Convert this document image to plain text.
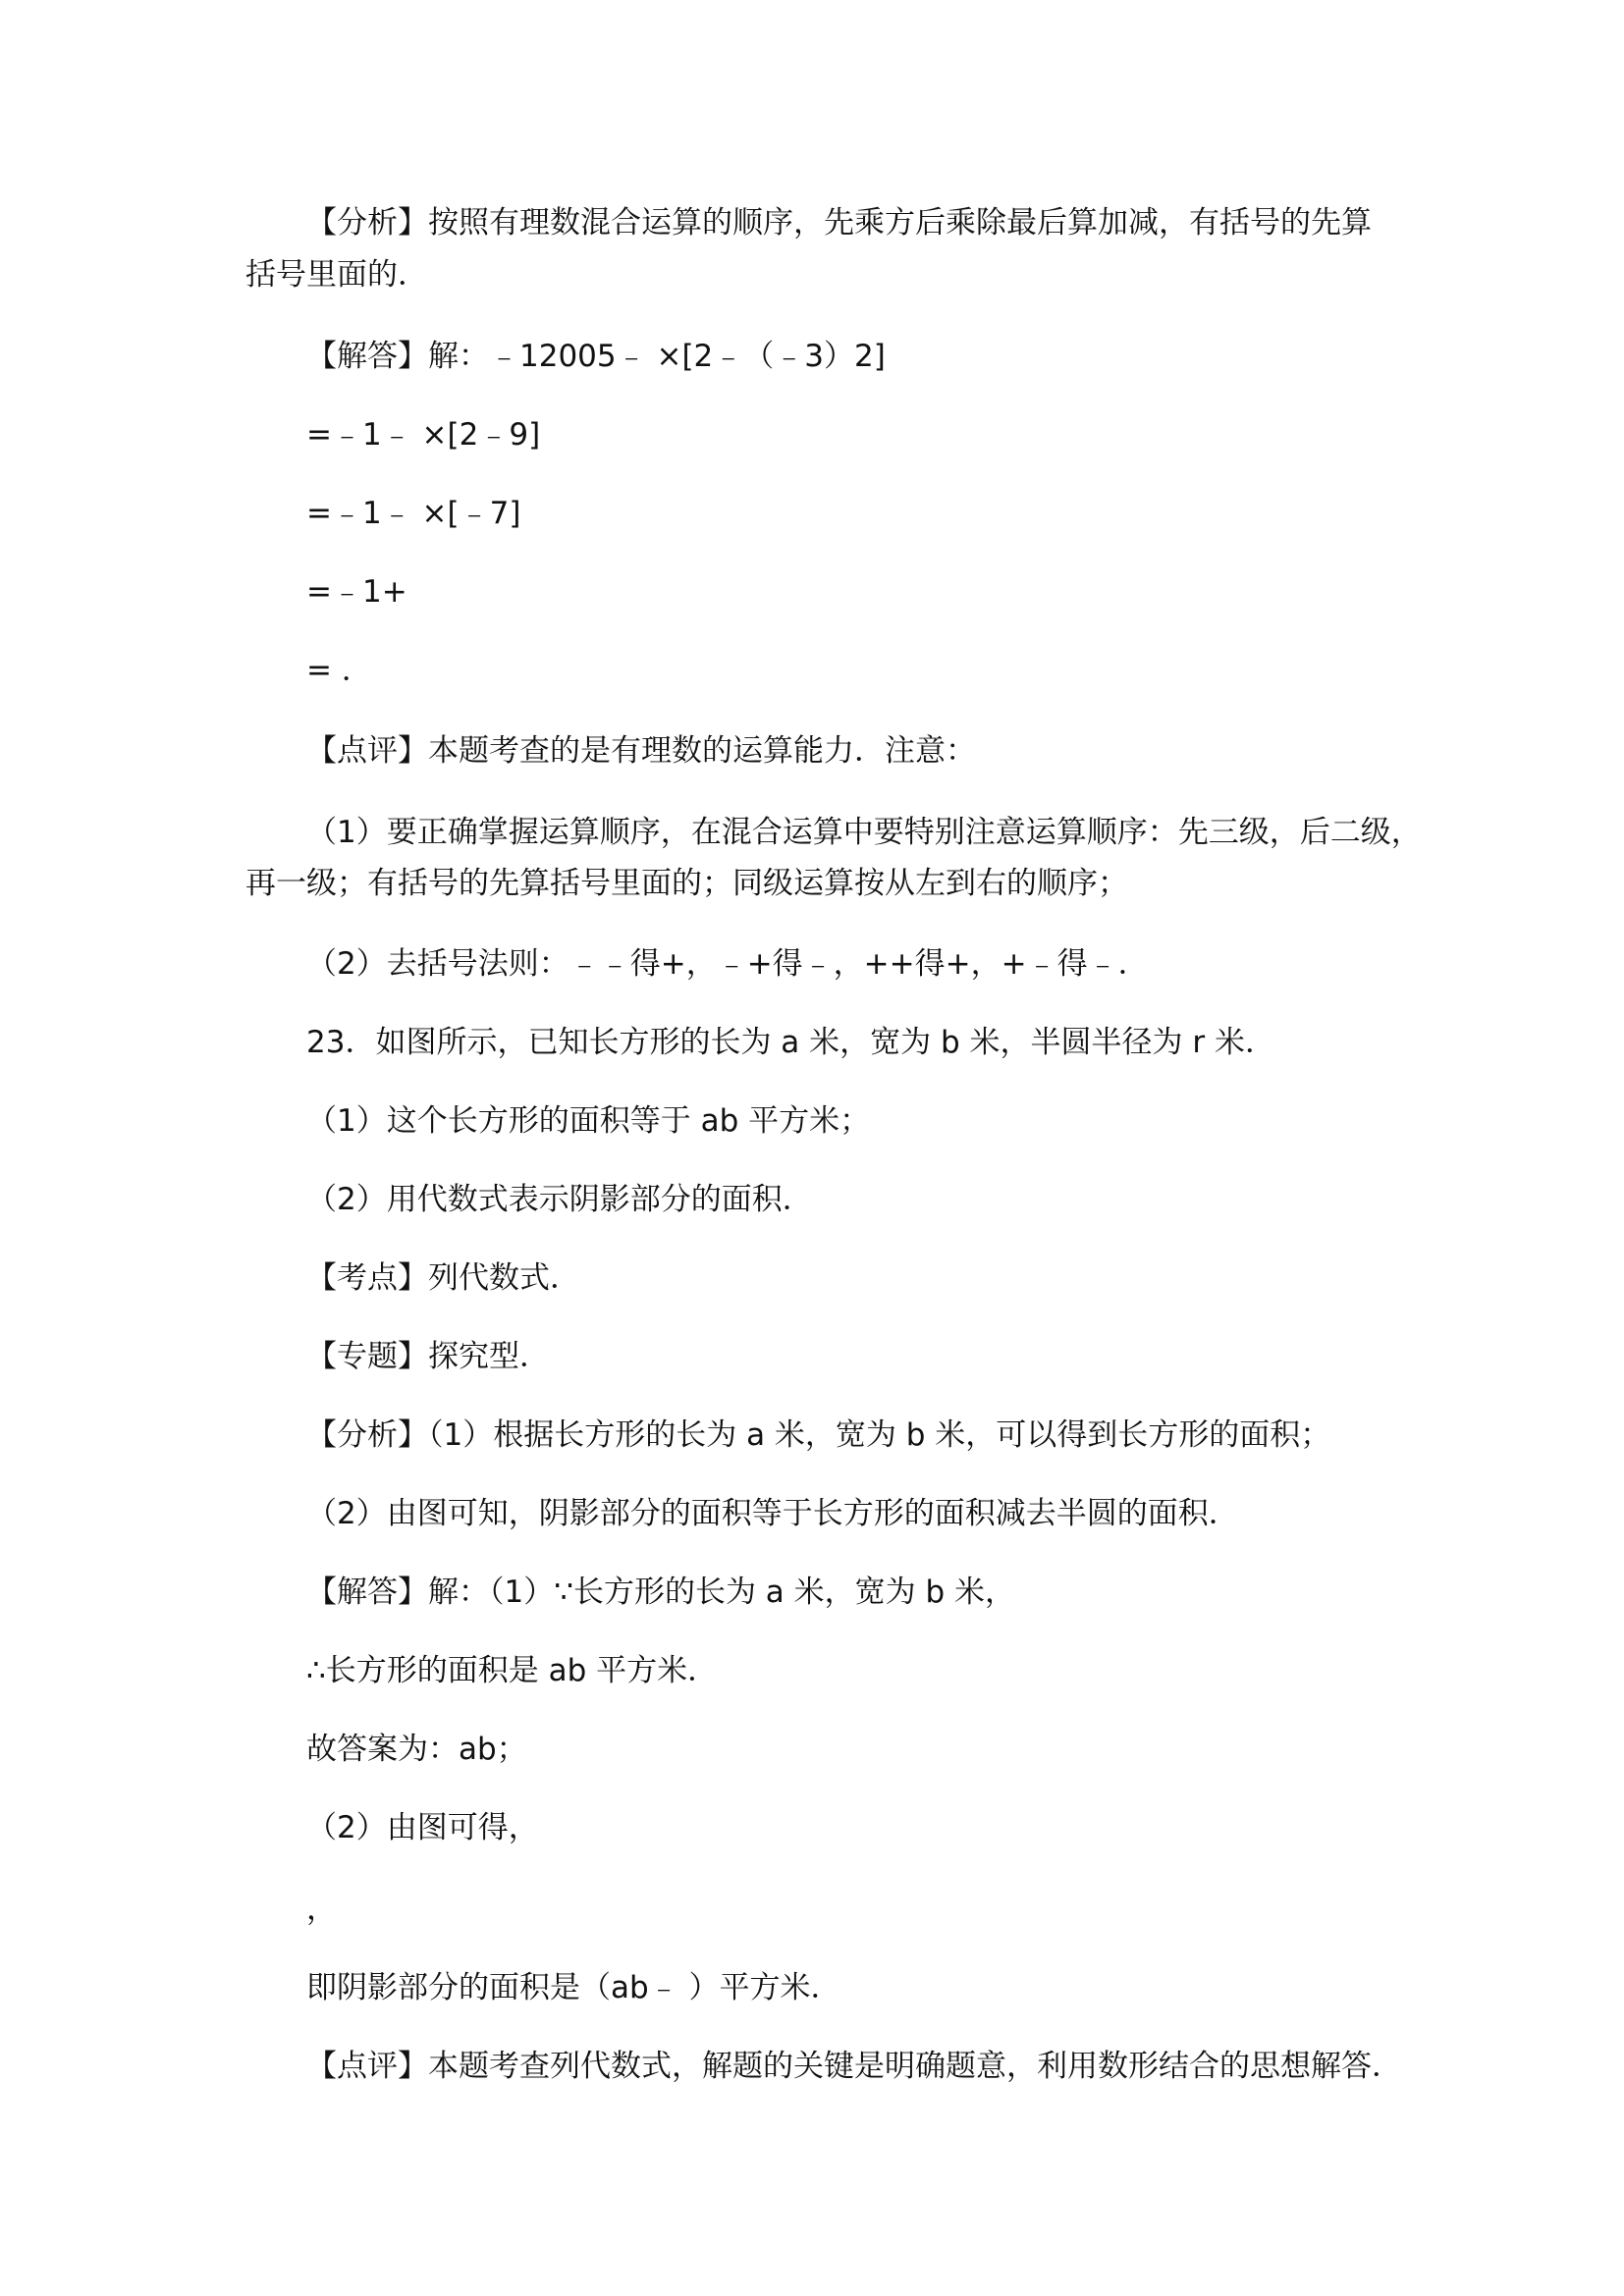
【分析】按照有理数混合运算的顺序，先乘方后乘除最后算加减，有括号的先算

括号里面的．

【解答】解：﹣12005﹣ ×[2﹣（﹣3）2]

=﹣1﹣ ×[2﹣9]

=﹣1﹣ ×[﹣7]

=﹣1+

= ．

【点评】本题考查的是有理数的运算能力．注意：

（1）要正确掌握运算顺序，在混合运算中要特别注意运算顺序：先三级，后二级，

再一级；有括号的先算括号里面的；同级运算按从左到右的顺序；

（2）去括号法则：﹣﹣得+，﹣+得﹣，++得+，+﹣得﹣．

23．如图所示，已知长方形的长为 a 米，宽为 b 米，半圆半径为 r 米．

（1）这个长方形的面积等于 ab 平方米；

（2）用代数式表示阴影部分的面积．

【考点】列代数式．

【专题】探究型．

【分析】（1）根据长方形的长为 a 米，宽为 b 米，可以得到长方形的面积；

（2）由图可知，阴影部分的面积等于长方形的面积减去半圆的面积．

【解答】解：（1）∵长方形的长为 a 米，宽为 b 米，

∴长方形的面积是 ab 平方米．

故答案为：ab；

（2）由图可得，

，

即阴影部分的面积是（ab﹣ ）平方米．

【点评】本题考查列代数式，解题的关键是明确题意，利用数形结合的思想解答．
